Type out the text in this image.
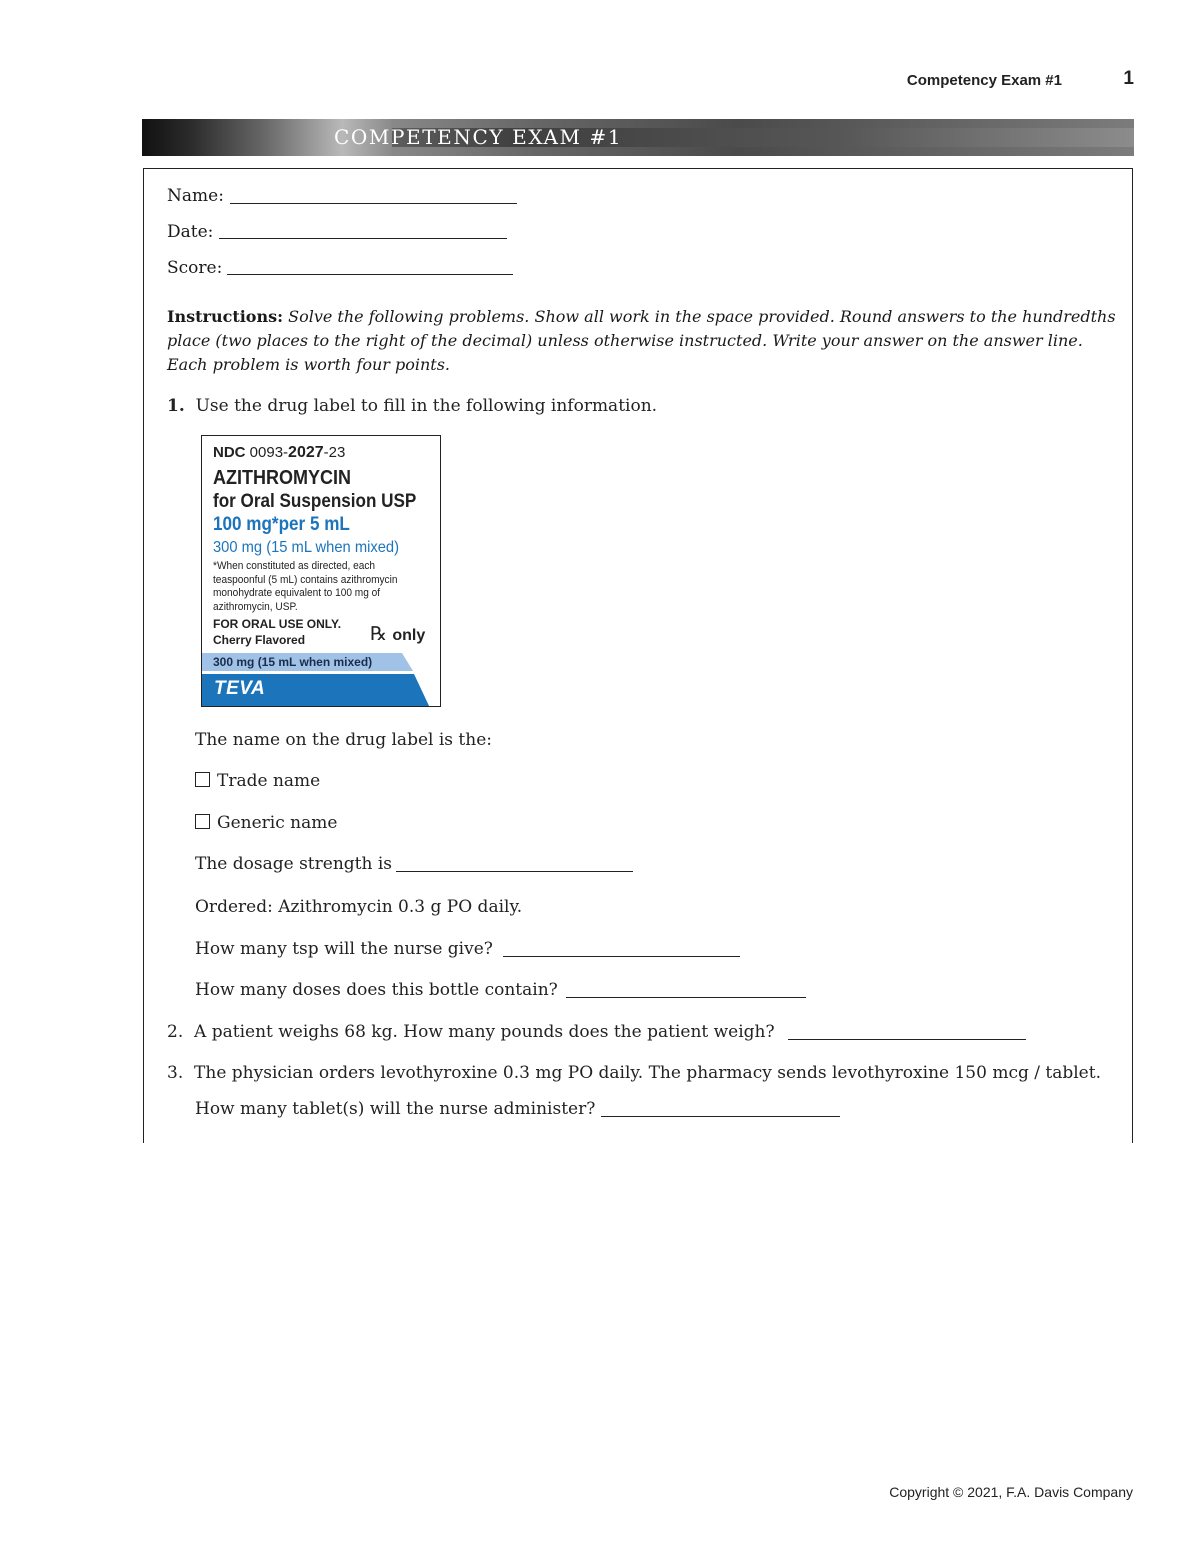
Competency Exam #1	1
COMPETENCY EXAM #1
Name:
Date:
Score:
Instructions: Solve the following problems. Show all work in the space provided. Round answers to the hundredths place (two places to the right of the decimal) unless otherwise instructed. Write your answer on the answer line. Each problem is worth four points.
1. Use the drug label to fill in the following information.
NDC 0093-2027-23
AZITHROMYCIN
for Oral Suspension USP
100 mg*per 5 mL
300 mg (15 mL when mixed)
*When constituted as directed, each
teaspoonful (5 mL) contains azithromycin
monohydrate equivalent to 100 mg of
azithromycin, USP.
FOR ORAL USE ONLY.
Cherry Flavored	℞ only
300 mg (15 mL when mixed)
TEVA
The name on the drug label is the:
Trade name
Generic name
The dosage strength is
Ordered: Azithromycin 0.3 g PO daily.
How many tsp will the nurse give?
How many doses does this bottle contain?
2. A patient weighs 68 kg. How many pounds does the patient weigh?
3. The physician orders levothyroxine 0.3 mg PO daily. The pharmacy sends levothyroxine 150 mcg / tablet.
How many tablet(s) will the nurse administer?
Copyright © 2021, F.A. Davis Company
